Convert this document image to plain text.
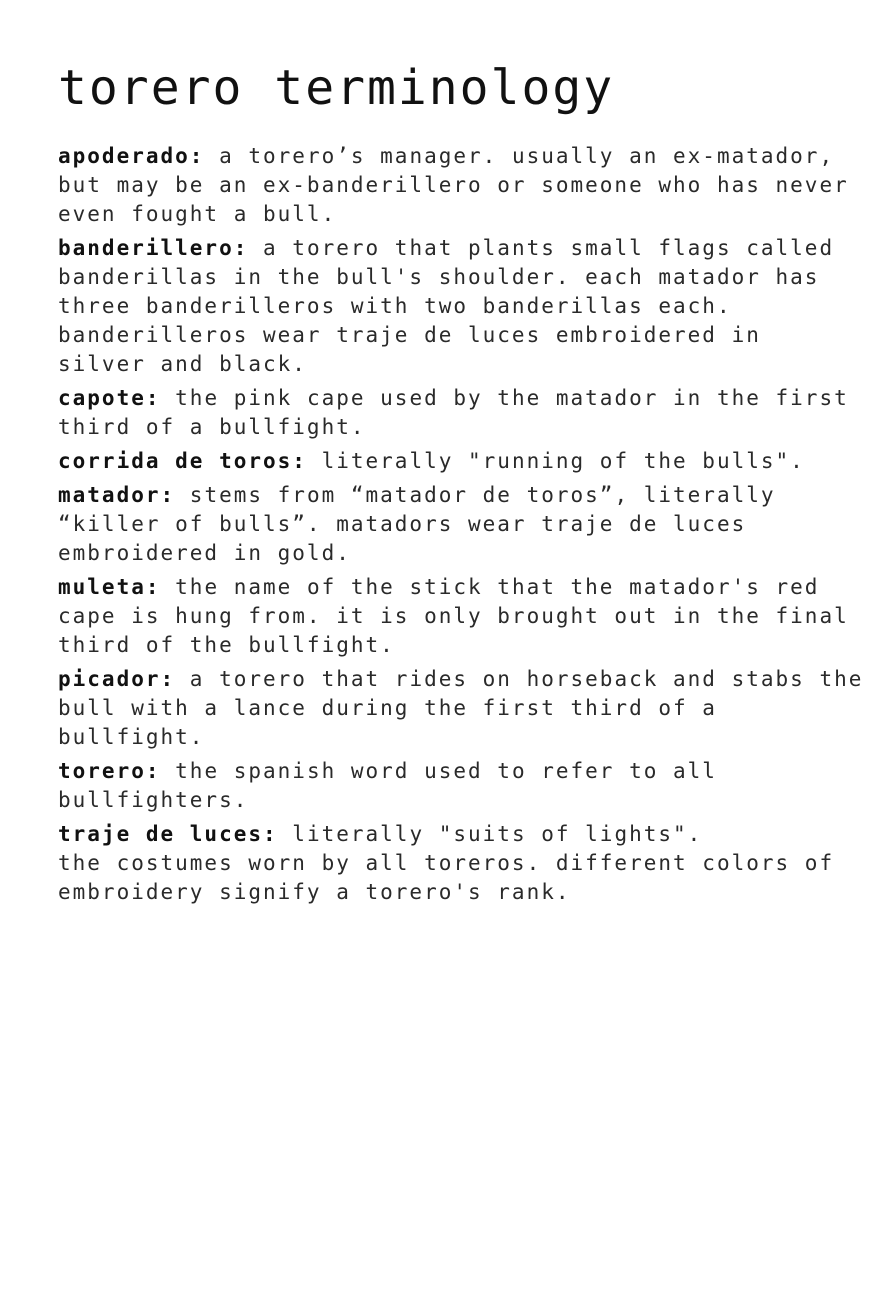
torero terminology
apoderado: a torero’s manager. usually an ex-matador,
but may be an ex-banderillero or someone who has never
even fought a bull.
banderillero: a torero that plants small flags called
banderillas in the bull's shoulder. each matador has
three banderilleros with two banderillas each.
banderilleros wear traje de luces embroidered in
silver and black.
capote: the pink cape used by the matador in the first
third of a bullfight.
corrida de toros: literally "running of the bulls".
matador: stems from “matador de toros”, literally
“killer of bulls”. matadors wear traje de luces
embroidered in gold.
muleta: the name of the stick that the matador's red
cape is hung from. it is only brought out in the final
third of the bullfight.
picador: a torero that rides on horseback and stabs the
bull with a lance during the first third of a bullfight.
torero: the spanish word used to refer to all
bullfighters.
traje de luces: literally "suits of lights".
the costumes worn by all toreros. different colors of
embroidery signify a torero's rank.
